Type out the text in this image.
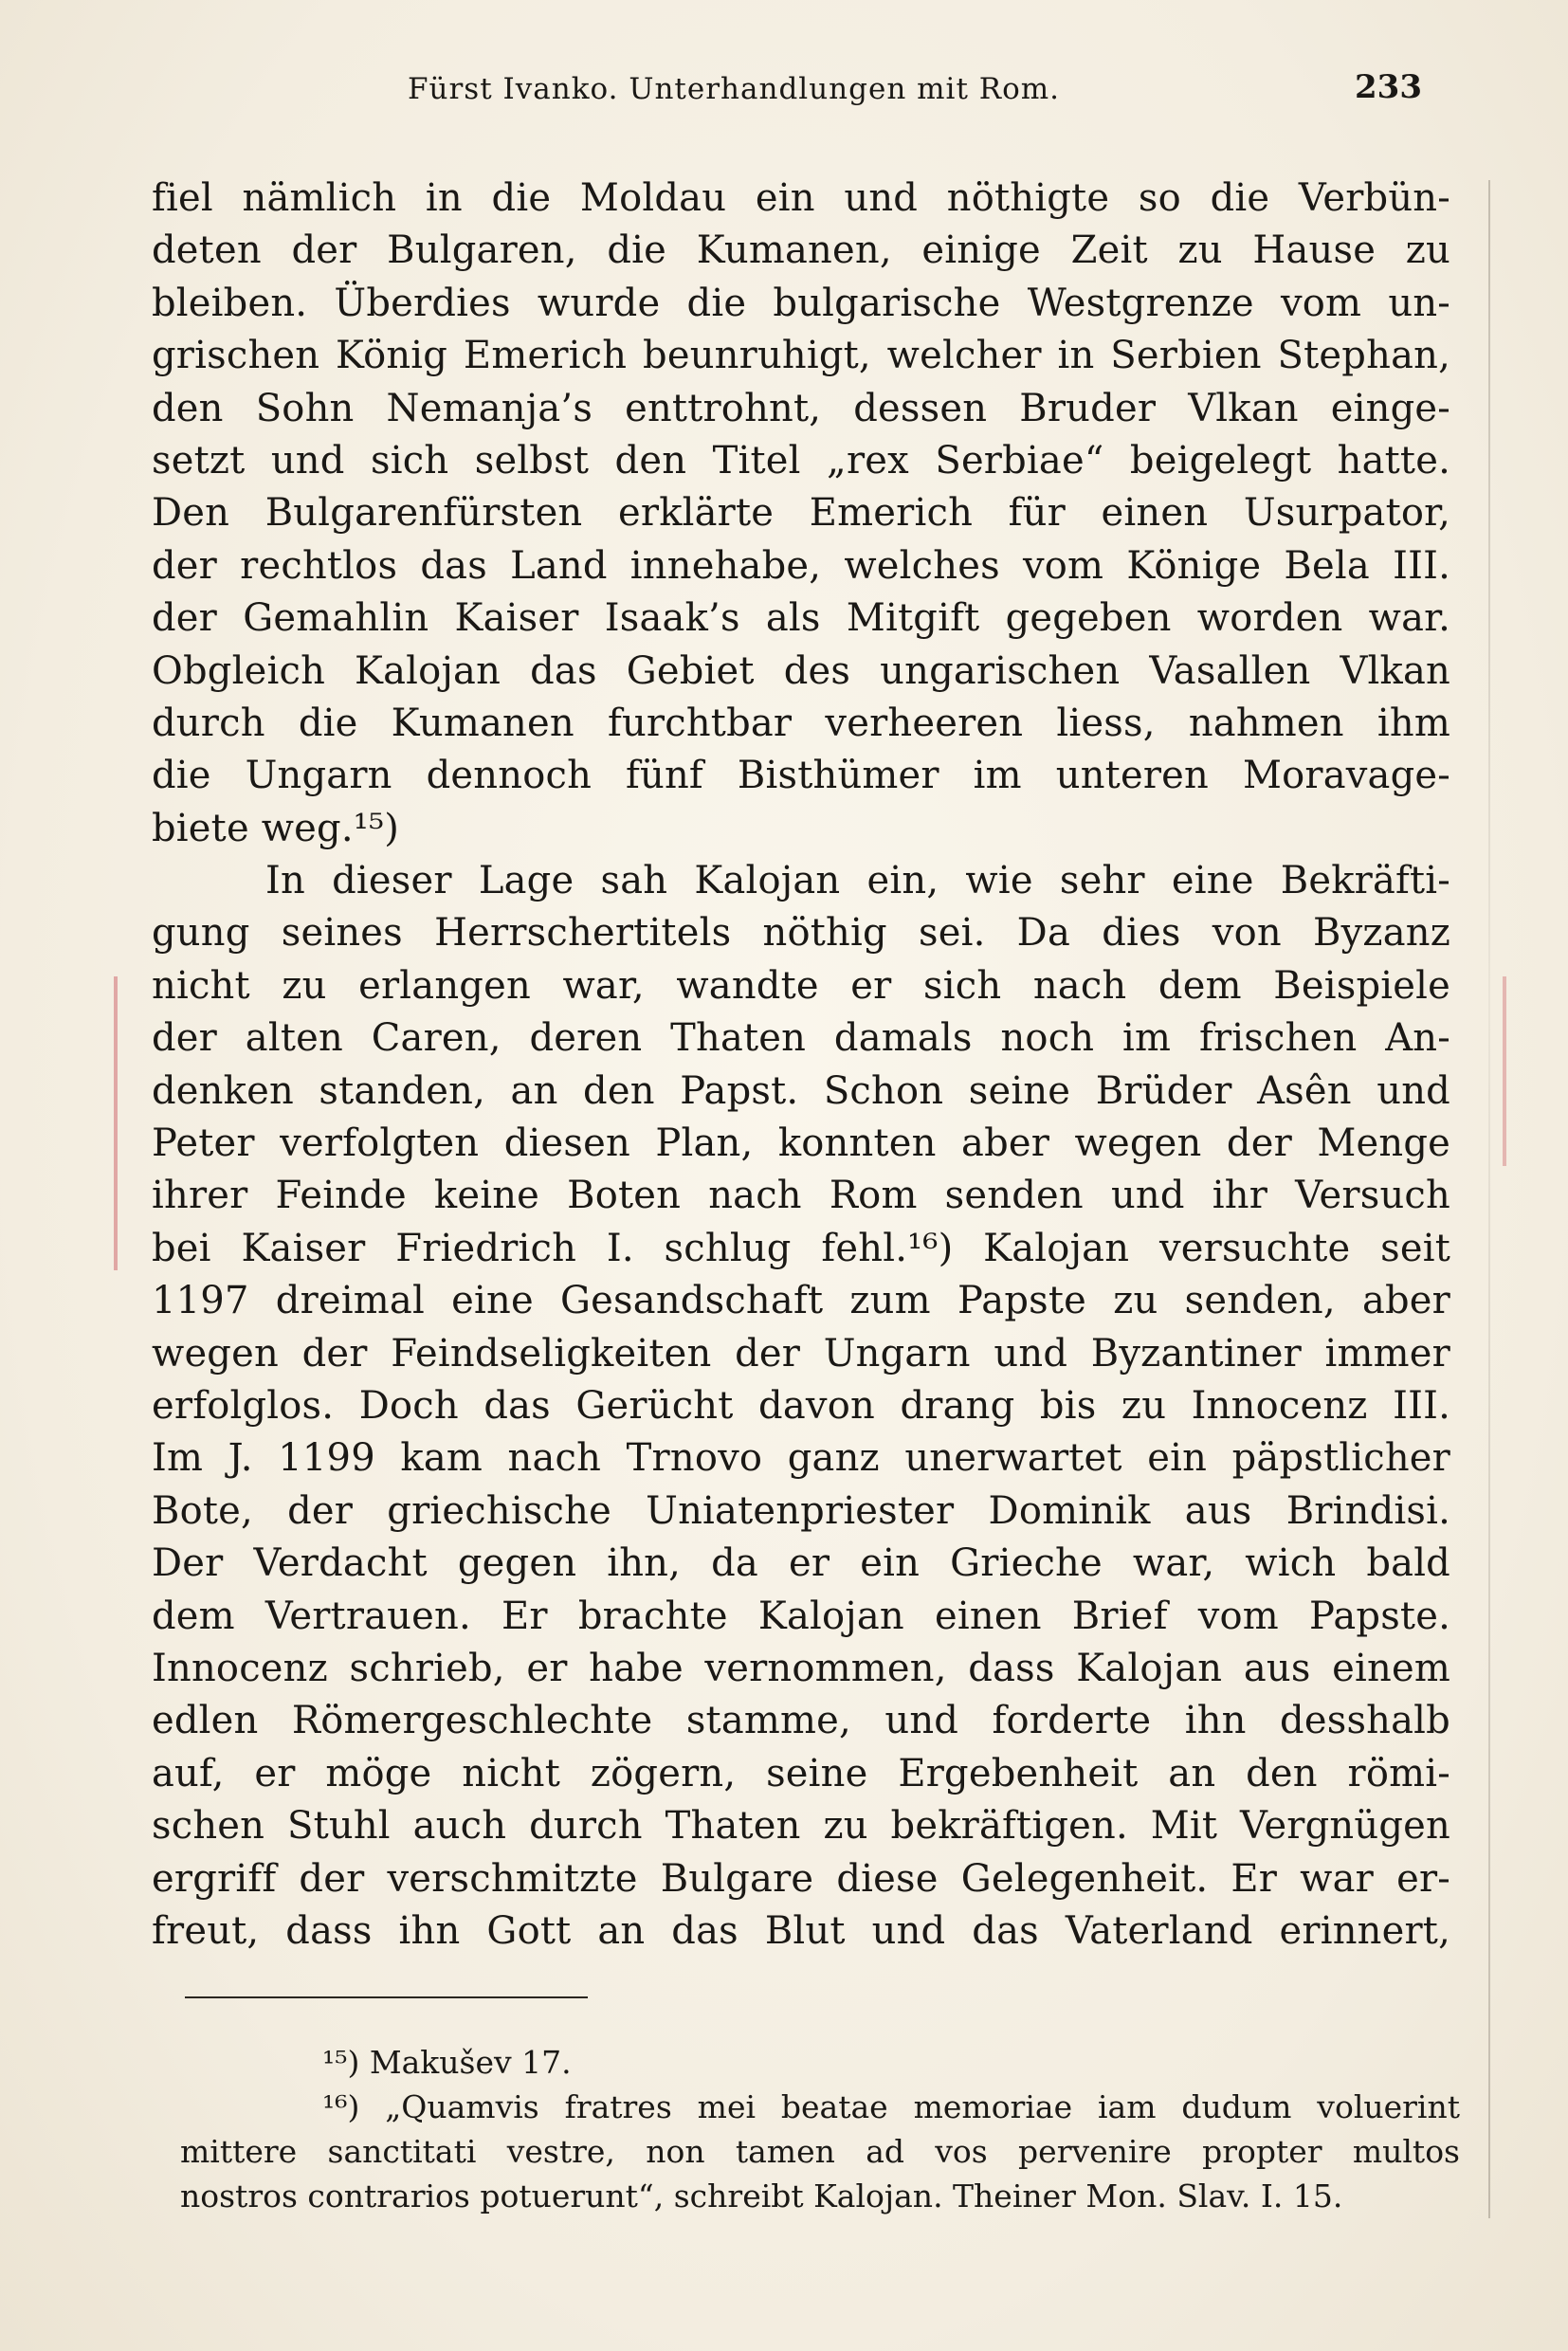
Fürst Ivanko. Unterhandlungen mit Rom.	233
fiel nämlich in die Moldau ein und nöthigte so die Verbün-
deten der Bulgaren, die Kumanen, einige Zeit zu Hause zu
bleiben. Überdies wurde die bulgarische Westgrenze vom un-
grischen König Emerich beunruhigt, welcher in Serbien Stephan,
den Sohn Nemanja’s enttrohnt, dessen Bruder Vlkan einge-
setzt und sich selbst den Titel „rex Serbiae“ beigelegt hatte.
Den Bulgarenfürsten erklärte Emerich für einen Usurpator,
der rechtlos das Land innehabe, welches vom Könige Bela III.
der Gemahlin Kaiser Isaak’s als Mitgift gegeben worden war.
Obgleich Kalojan das Gebiet des ungarischen Vasallen Vlkan
durch die Kumanen furchtbar verheeren liess, nahmen ihm
die Ungarn dennoch fünf Bisthümer im unteren Moravage-
biete weg.¹⁵)
In dieser Lage sah Kalojan ein, wie sehr eine Bekräfti-
gung seines Herrschertitels nöthig sei. Da dies von Byzanz
nicht zu erlangen war, wandte er sich nach dem Beispiele
der alten Caren, deren Thaten damals noch im frischen An-
denken standen, an den Papst. Schon seine Brüder Asên und
Peter verfolgten diesen Plan, konnten aber wegen der Menge
ihrer Feinde keine Boten nach Rom senden und ihr Versuch
bei Kaiser Friedrich I. schlug fehl.¹⁶) Kalojan versuchte seit
1197 dreimal eine Gesandschaft zum Papste zu senden, aber
wegen der Feindseligkeiten der Ungarn und Byzantiner immer
erfolglos. Doch das Gerücht davon drang bis zu Innocenz III.
Im J. 1199 kam nach Trnovo ganz unerwartet ein päpstlicher
Bote, der griechische Uniatenpriester Dominik aus Brindisi.
Der Verdacht gegen ihn, da er ein Grieche war, wich bald
dem Vertrauen. Er brachte Kalojan einen Brief vom Papste.
Innocenz schrieb, er habe vernommen, dass Kalojan aus einem
edlen Römergeschlechte stamme, und forderte ihn desshalb
auf, er möge nicht zögern, seine Ergebenheit an den römi-
schen Stuhl auch durch Thaten zu bekräftigen. Mit Vergnügen
ergriff der verschmitzte Bulgare diese Gelegenheit. Er war er-
freut, dass ihn Gott an das Blut und das Vaterland erinnert,
¹⁵) Makušev 17.
¹⁶) „Quamvis fratres mei beatae memoriae iam dudum voluerint
mittere sanctitati vestre, non tamen ad vos pervenire propter multos
nostros contrarios potuerunt“, schreibt Kalojan. Theiner Mon. Slav. I. 15.
